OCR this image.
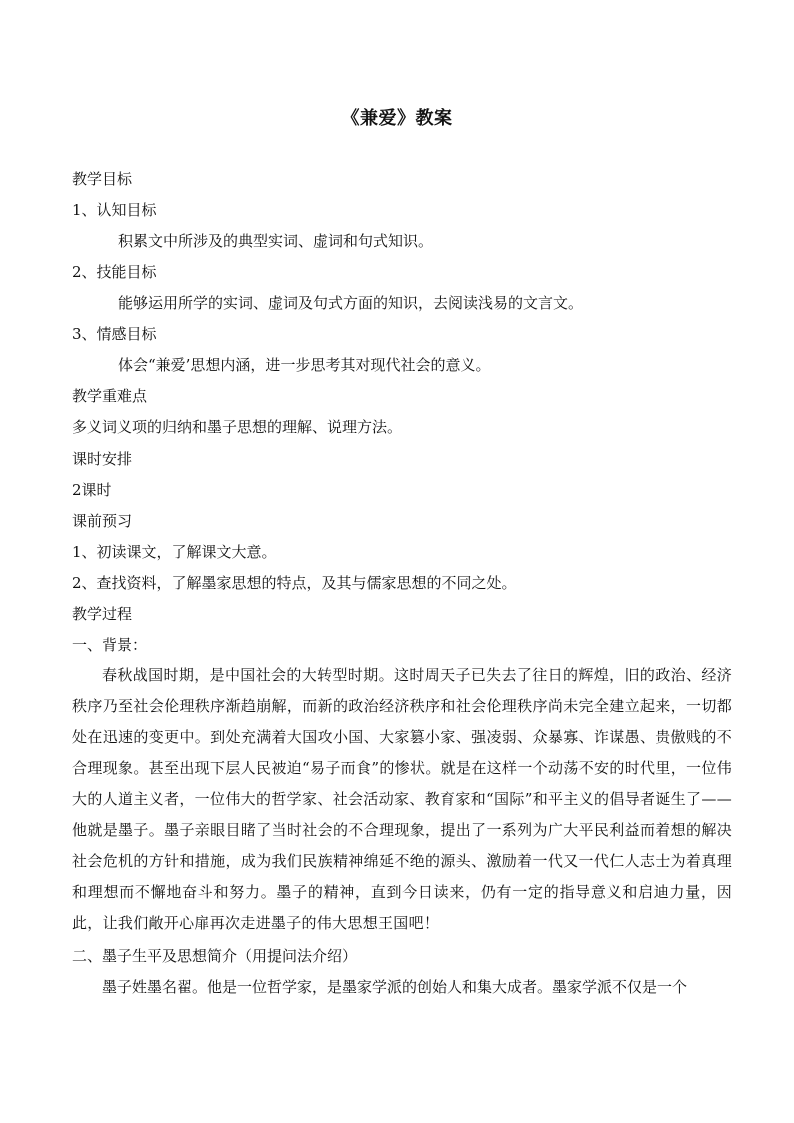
《兼爱》教案
教学目标
1、认知目标
积累文中所涉及的典型实词、虚词和句式知识。
2、技能目标
能够运用所学的实词、虚词及句式方面的知识，去阅读浅易的文言文。
3、情感目标
体会“兼爱’思想内涵，进一步思考其对现代社会的意义。
教学重难点
多义词义项的归纳和墨子思想的理解、说理方法。
课时安排
2课时
课前预习
1、初读课文，了解课文大意。
2、查找资料，了解墨家思想的特点，及其与儒家思想的不同之处。
教学过程
一、背景：
春秋战国时期，是中国社会的大转型时期。这时周天子已失去了往日的辉煌，旧的政治、经济秩序乃至社会伦理秩序渐趋崩解，而新的政治经济秩序和社会伦理秩序尚未完全建立起来，一切都处在迅速的变更中。到处充满着大国攻小国、大家篡小家、强凌弱、众暴寡、诈谋愚、贵傲贱的不合理现象。甚至出现下层人民被迫“易子而食”的惨状。就是在这样一个动荡不安的时代里，一位伟大的人道主义者，一位伟大的哲学家、社会活动家、教育家和“国际”和平主义的倡导者诞生了——他就是墨子。墨子亲眼目睹了当时社会的不合理现象，提出了一系列为广大平民利益而着想的解决社会危机的方针和措施，成为我们民族精神绵延不绝的源头、激励着一代又一代仁人志士为着真理和理想而不懈地奋斗和努力。墨子的精神，直到今日读来，仍有一定的指导意义和启迪力量，因此，让我们敞开心扉再次走进墨子的伟大思想王国吧！
二、墨子生平及思想简介（用提问法介绍）
墨子姓墨名翟。他是一位哲学家，是墨家学派的创始人和集大成者。墨家学派不仅是一个
